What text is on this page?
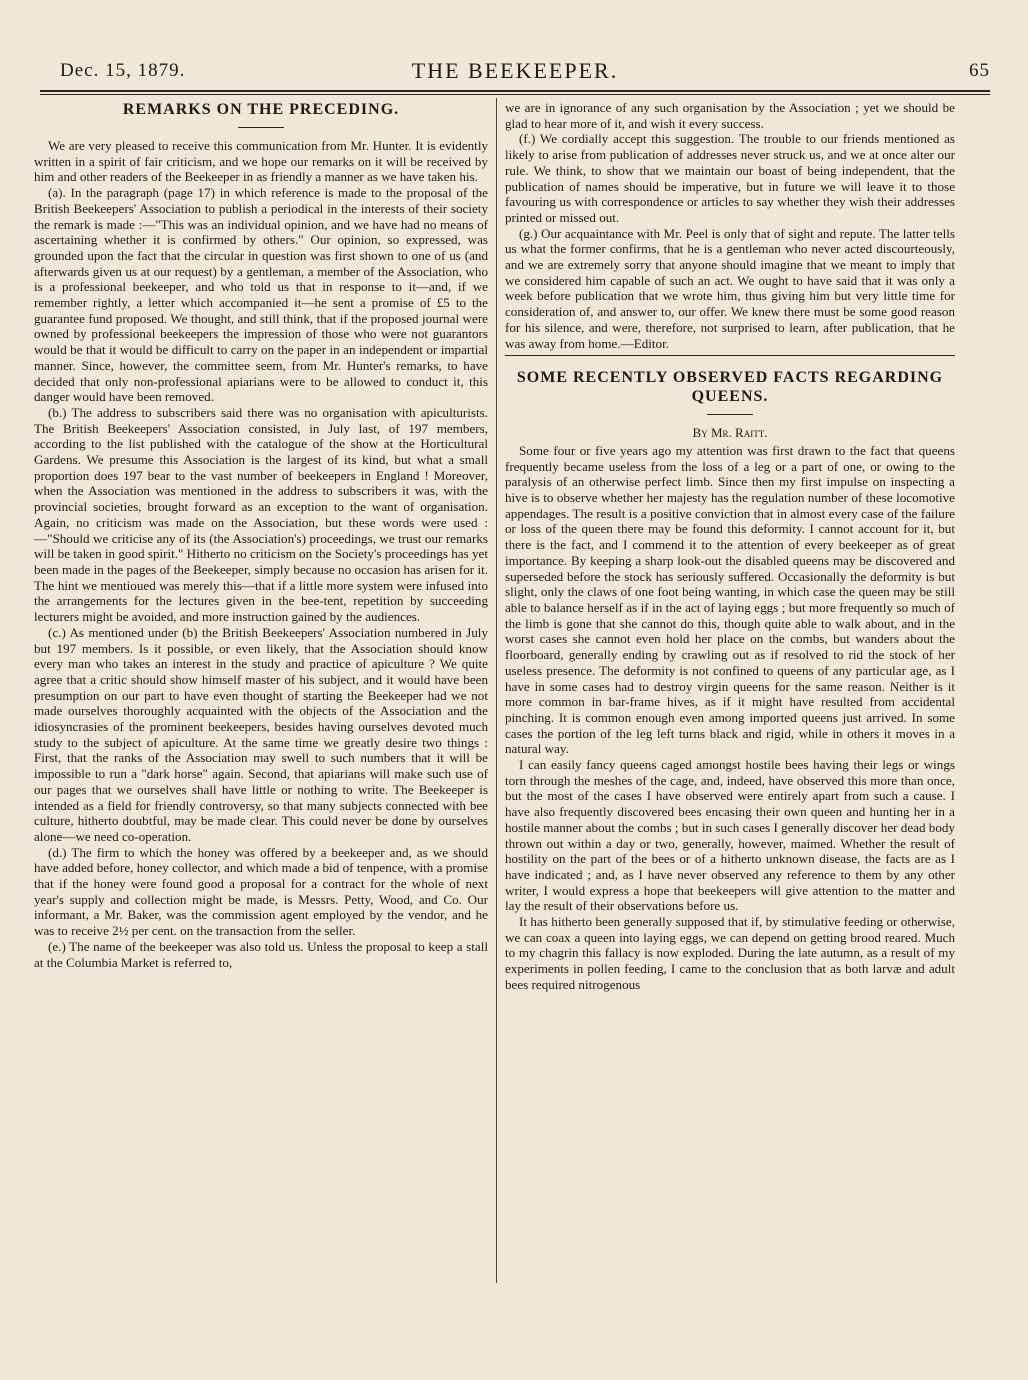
Dec. 15, 1879.	THE BEEKEEPER.	65
REMARKS ON THE PRECEDING.

We are very pleased to receive this communication from Mr. Hunter. It is evidently written in a spirit of fair criticism, and we hope our remarks on it will be received by him and other readers of the Beekeeper in as friendly a manner as we have taken his.

(a). In the paragraph (page 17) in which reference is made to the proposal of the British Beekeepers' Association to publish a periodical in the interests of their society the remark is made :—"This was an individual opinion, and we have had no means of ascertaining whether it is confirmed by others." Our opinion, so expressed, was grounded upon the fact that the circular in question was first shown to one of us (and afterwards given us at our request) by a gentleman, a member of the Association, who is a professional beekeeper, and who told us that in response to it—and, if we remember rightly, a letter which accompanied it—he sent a promise of £5 to the guarantee fund proposed. We thought, and still think, that if the proposed journal were owned by professional beekeepers the impression of those who were not guarantors would be that it would be difficult to carry on the paper in an independent or impartial manner. Since, however, the committee seem, from Mr. Hunter's remarks, to have decided that only non-professional apiarians were to be allowed to conduct it, this danger would have been removed.

(b.) The address to subscribers said there was no organisation with apiculturists. The British Beekeepers' Association consisted, in July last, of 197 members, according to the list published with the catalogue of the show at the Horticultural Gardens. We presume this Association is the largest of its kind, but what a small proportion does 197 bear to the vast number of beekeepers in England ! Moreover, when the Association was mentioned in the address to subscribers it was, with the provincial societies, brought forward as an exception to the want of organisation. Again, no criticism was made on the Association, but these words were used :—"Should we criticise any of its (the Association's) proceedings, we trust our remarks will be taken in good spirit." Hitherto no criticism on the Society's proceedings has yet been made in the pages of the Beekeeper, simply because no occasion has arisen for it. The hint we mentioued was merely this—that if a little more system were infused into the arrangements for the lectures given in the bee-tent, repetition by succeeding lecturers might be avoided, and more instruction gained by the audiences.

(c.) As mentioned under (b) the British Beekeepers' Association numbered in July but 197 members. Is it possible, or even likely, that the Association should know every man who takes an interest in the study and practice of apiculture ? We quite agree that a critic should show himself master of his subject, and it would have been presumption on our part to have even thought of starting the Beekeeper had we not made ourselves thoroughly acquainted with the objects of the Association and the idiosyncrasies of the prominent beekeepers, besides having ourselves devoted much study to the subject of apiculture. At the same time we greatly desire two things : First, that the ranks of the Association may swell to such numbers that it will be impossible to run a "dark horse" again. Second, that apiarians will make such use of our pages that we ourselves shall have little or nothing to write. The Beekeeper is intended as a field for friendly controversy, so that many subjects connected with bee culture, hitherto doubtful, may be made clear. This could never be done by ourselves alone—we need co-operation.

(d.) The firm to which the honey was offered by a beekeeper and, as we should have added before, honey collector, and which made a bid of tenpence, with a promise that if the honey were found good a proposal for a contract for the whole of next year's supply and collection might be made, is Messrs. Petty, Wood, and Co. Our informant, a Mr. Baker, was the commission agent employed by the vendor, and he was to receive 2½ per cent. on the transaction from the seller.

(e.) The name of the beekeeper was also told us. Unless the proposal to keep a stall at the Columbia Market is referred to,

we are in ignorance of any such organisation by the Association ; yet we should be glad to hear more of it, and wish it every success.

(f.) We cordially accept this suggestion. The trouble to our friends mentioned as likely to arise from publication of addresses never struck us, and we at once alter our rule. We think, to show that we maintain our boast of being independent, that the publication of names should be imperative, but in future we will leave it to those favouring us with correspondence or articles to say whether they wish their addresses printed or missed out.

(g.) Our acquaintance with Mr. Peel is only that of sight and repute. The latter tells us what the former confirms, that he is a gentleman who never acted discourteously, and we are extremely sorry that anyone should imagine that we meant to imply that we considered him capable of such an act. We ought to have said that it was only a week before publication that we wrote him, thus giving him but very little time for consideration of, and answer to, our offer. We knew there must be some good reason for his silence, and were, therefore, not surprised to learn, after publication, that he was away from home.—Editor.

SOME RECENTLY OBSERVED FACTS REGARDING QUEENS.
By Mr. Raitt.

Some four or five years ago my attention was first drawn to the fact that queens frequently became useless from the loss of a leg or a part of one, or owing to the paralysis of an otherwise perfect limb. Since then my first impulse on inspecting a hive is to observe whether her majesty has the regulation number of these locomotive appendages. The result is a positive conviction that in almost every case of the failure or loss of the queen there may be found this deformity. I cannot account for it, but there is the fact, and I commend it to the attention of every beekeeper as of great importance. By keeping a sharp look-out the disabled queens may be discovered and superseded before the stock has seriously suffered. Occasionally the deformity is but slight, only the claws of one foot being wanting, in which case the queen may be still able to balance herself as if in the act of laying eggs ; but more frequently so much of the limb is gone that she cannot do this, though quite able to walk about, and in the worst cases she cannot even hold her place on the combs, but wanders about the floorboard, generally ending by crawling out as if resolved to rid the stock of her useless presence. The deformity is not confined to queens of any particular age, as I have in some cases had to destroy virgin queens for the same reason. Neither is it more common in bar-frame hives, as if it might have resulted from accidental pinching. It is common enough even among imported queens just arrived. In some cases the portion of the leg left turns black and rigid, while in others it moves in a natural way.

I can easily fancy queens caged amongst hostile bees having their legs or wings torn through the meshes of the cage, and, indeed, have observed this more than once, but the most of the cases I have observed were entirely apart from such a cause. I have also frequently discovered bees encasing their own queen and hunting her in a hostile manner about the combs ; but in such cases I generally discover her dead body thrown out within a day or two, generally, however, maimed. Whether the result of hostility on the part of the bees or of a hitherto unknown disease, the facts are as I have indicated ; and, as I have never observed any reference to them by any other writer, I would express a hope that beekeepers will give attention to the matter and lay the result of their observations before us.

It has hitherto been generally supposed that if, by stimulative feeding or otherwise, we can coax a queen into laying eggs, we can depend on getting brood reared. Much to my chagrin this fallacy is now exploded. During the late autumn, as a result of my experiments in pollen feeding, I came to the conclusion that as both larvæ and adult bees required nitrogenous
